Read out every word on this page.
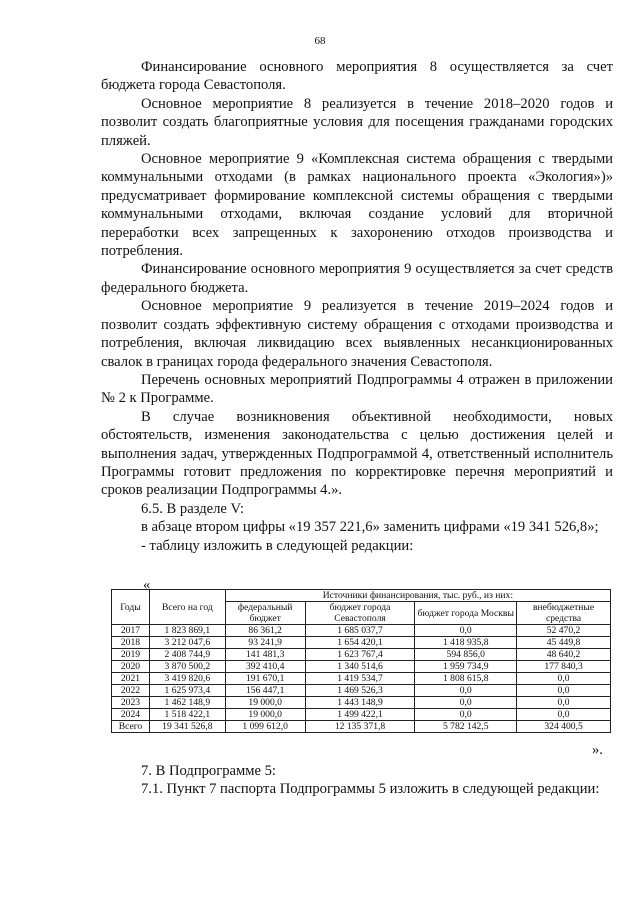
68

Финансирование основного мероприятия 8 осуществляется за счет бюджета города Севастополя.

Основное мероприятие 8 реализуется в течение 2018–2020 годов и позволит создать благоприятные условия для посещения гражданами городских пляжей.

Основное мероприятие 9 «Комплексная система обращения с твердыми коммунальными отходами (в рамках национального проекта «Экология»)» предусматривает формирование комплексной системы обращения с твердыми коммунальными отходами, включая создание условий для вторичной переработки всех запрещенных к захоронению отходов производства и потребления.

Финансирование основного мероприятия 9 осуществляется за счет средств федерального бюджета.

Основное мероприятие 9 реализуется в течение 2019–2024 годов и позволит создать эффективную систему обращения с отходами производства и потребления, включая ликвидацию всех выявленных несанкционированных свалок в границах города федерального значения Севастополя.

Перечень основных мероприятий Подпрограммы 4 отражен в приложении № 2 к Программе.

В случае возникновения объективной необходимости, новых обстоятельств, изменения законодательства с целью достижения целей и выполнения задач, утвержденных Подпрограммой 4, ответственный исполнитель Программы готовит предложения по корректировке перечня мероприятий и сроков реализации Подпрограммы 4.».

6.5. В разделе V:

в абзаце втором цифры «19 357 221,6» заменить цифрами «19 341 526,8»;

- таблицу изложить в следующей редакции:

«
Годы	Всего на год	Источники финансирования, тыс. руб., из них:			
		федеральный бюджет	бюджет города Севастополя	бюджет города Москвы	внебюджетные средства
2017	1 823 869,1	86 361,2	1 685 037,7	0,0	52 470,2
2018	3 212 047,6	93 241,9	1 654 420,1	1 418 935,8	45 449,8
2019	2 408 744,9	141 481,3	1 623 767,4	594 856,0	48 640,2
2020	3 870 500,2	392 410,4	1 340 514,6	1 959 734,9	177 840,3
2021	3 419 820,6	191 670,1	1 419 534,7	1 808 615,8	0,0
2022	1 625 973,4	156 447,1	1 469 526,3	0,0	0,0
2023	1 462 148,9	19 000,0	1 443 148,9	0,0	0,0
2024	1 518 422,1	19 000,0	1 499 422,1	0,0	0,0
Всего	19 341 526,8	1 099 612,0	12 135 371,8	5 782 142,5	324 400,5
».

7. В Подпрограмме 5:

7.1. Пункт 7 паспорта Подпрограммы 5 изложить в следующей редакции:
